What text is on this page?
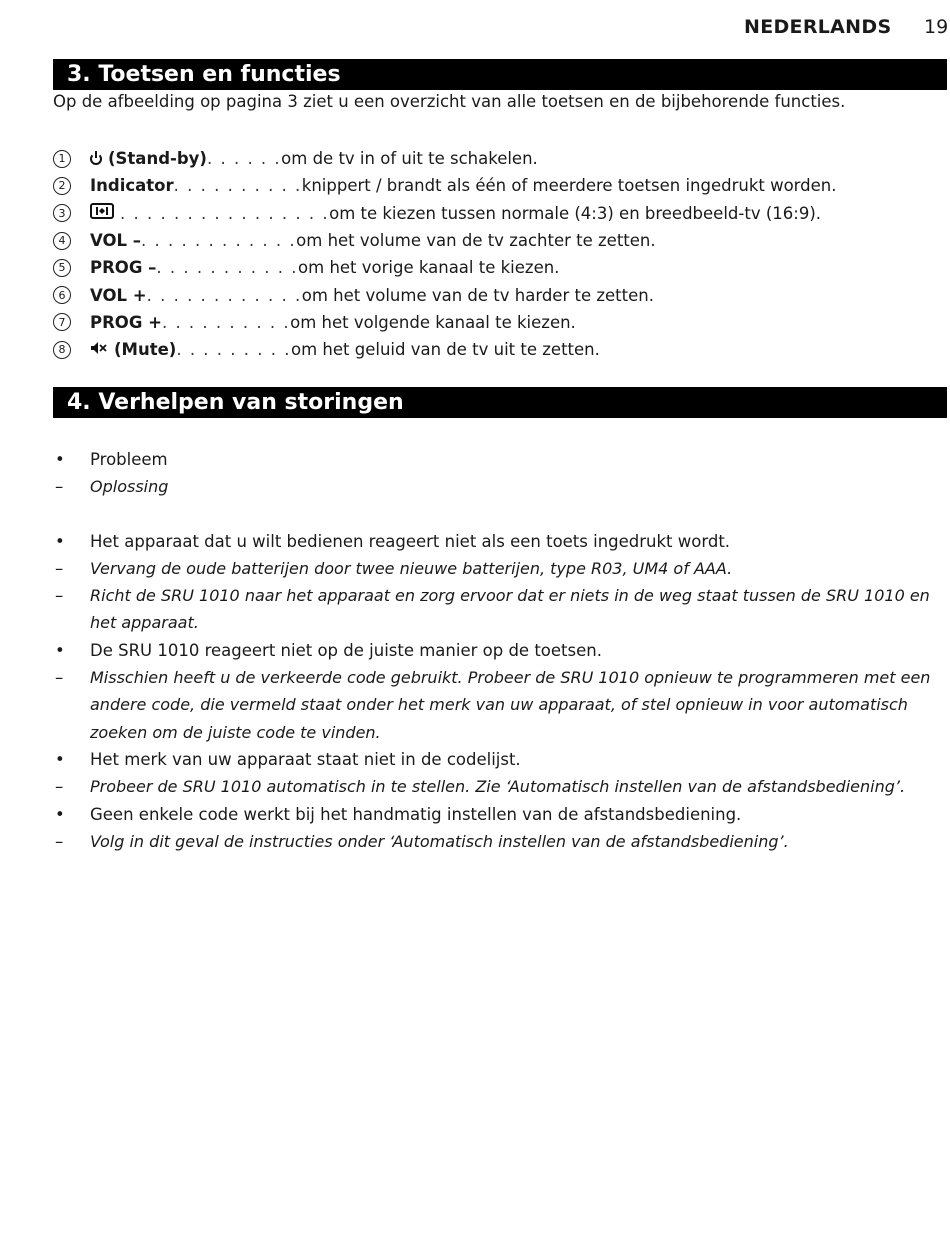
NEDERLANDS 19
3. Toetsen en functies
Op de afbeelding op pagina 3 ziet u een overzicht van alle toetsen en de bijbehorende functies.
1	(Stand-by) . . . . . . om de tv in of uit te schakelen.
2	Indicator . . . . . . . . . . knippert / brandt als één of meerdere toetsen ingedrukt worden.
3	. . . . . . . . . . . . . . . . om te kiezen tussen normale (4:3) en breedbeeld-tv (16:9).
4	VOL – . . . . . . . . . . . . om het volume van de tv zachter te zetten.
5	PROG – . . . . . . . . . . . om het vorige kanaal te kiezen.
6	VOL + . . . . . . . . . . . . om het volume van de tv harder te zetten.
7	PROG + . . . . . . . . . . om het volgende kanaal te kiezen.
8	(Mute) . . . . . . . . . om het geluid van de tv uit te zetten.
4. Verhelpen van storingen
•	Probleem
–	Oplossing
•	Het apparaat dat u wilt bedienen reageert niet als een toets ingedrukt wordt.
–	Vervang de oude batterijen door twee nieuwe batterijen, type R03, UM4 of AAA.
–	Richt de SRU 1010 naar het apparaat en zorg ervoor dat er niets in de weg staat tussen de SRU 1010 en het apparaat.
•	De SRU 1010 reageert niet op de juiste manier op de toetsen.
–	Misschien heeft u de verkeerde code gebruikt. Probeer de SRU 1010 opnieuw te programmeren met een andere code, die vermeld staat onder het merk van uw apparaat, of stel opnieuw in voor automatisch zoeken om de juiste code te vinden.
•	Het merk van uw apparaat staat niet in de codelijst.
–	Probeer de SRU 1010 automatisch in te stellen. Zie ‘Automatisch instellen van de afstandsbediening’.
•	Geen enkele code werkt bij het handmatig instellen van de afstandsbediening.
–	Volg in dit geval de instructies onder ‘Automatisch instellen van de afstandsbediening’.
